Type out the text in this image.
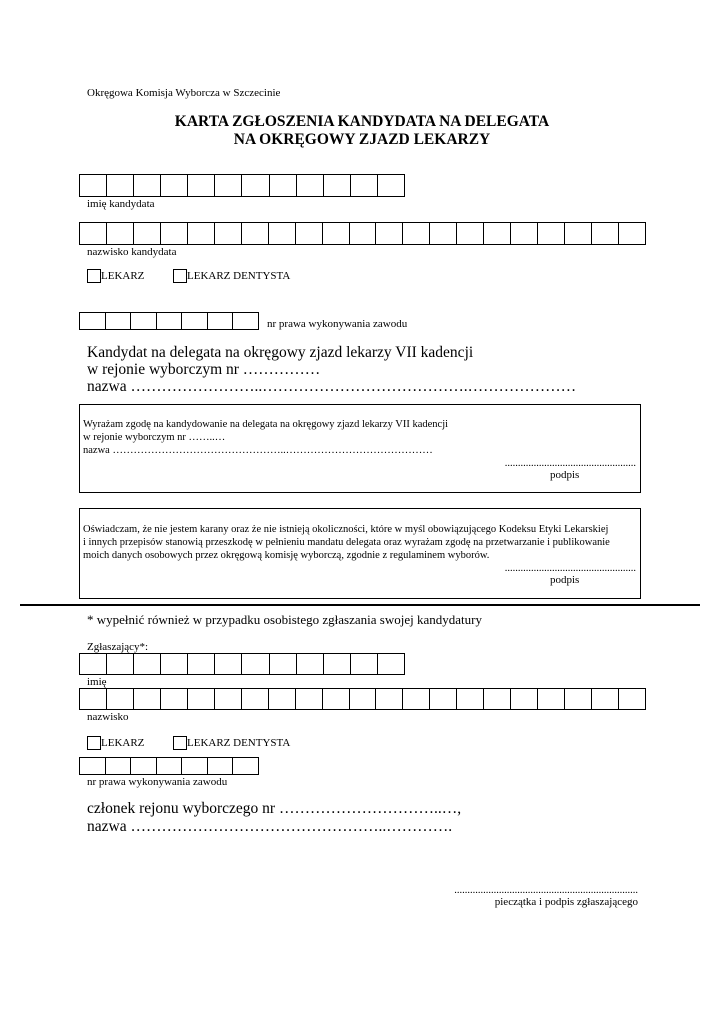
Okręgowa Komisja Wyborcza w Szczecinie
KARTA ZGŁOSZENIA KANDYDATA NA DELEGATA
NA OKRĘGOWY ZJAZD LEKARZY
imię kandydata
nazwisko kandydata
LEKARZ	LEKARZ DENTYSTA
nr prawa wykonywania zawodu
Kandydat na delegata na okręgowy zjazd lekarzy VII kadencji
w rejonie wyborczym nr ……………
nazwa ……………………..………………………………….…………………
Wyrażam zgodę na kandydowanie na delegata na okręgowy zjazd lekarzy VII kadencji
w rejonie wyborczym nr ……..…
nazwa …………………………………………..……………………………………
..................................................
podpis
Oświadczam, że nie jestem karany oraz że nie istnieją okoliczności, które w myśl obowiązującego Kodeksu Etyki Lekarskiej
i innych przepisów stanowią przeszkodę w pełnieniu mandatu delegata oraz wyrażam zgodę na przetwarzanie i publikowanie
moich danych osobowych przez okręgową komisję wyborczą, zgodnie z regulaminem wyborów.
..................................................
podpis
* wypełnić również w przypadku osobistego zgłaszania swojej kandydatury
Zgłaszający*:
imię
nazwisko
LEKARZ	LEKARZ DENTYSTA
nr prawa wykonywania zawodu
członek rejonu wyborczego nr …………………………..…,
nazwa …………………………………………..………….
......................................................................
pieczątka i podpis zgłaszającego
